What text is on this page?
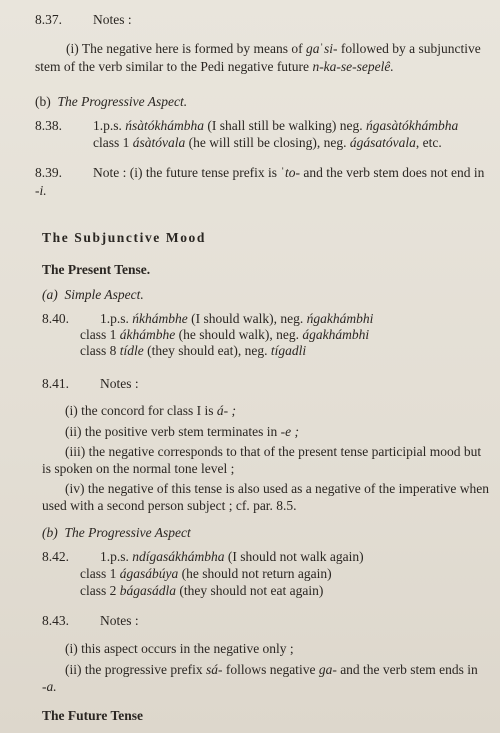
8.37. Notes :
(i) The negative here is formed by means of gaˈsi- followed by a subjunctive
stem of the verb similar to the Pedi negative future n-ka-se-sepelê.
(b) The Progressive Aspect.
8.38. 1.p.s. ńsàtókhámbha (I shall still be walking) neg. ńgasàtókhámbha
class 1 ásàtóvala (he will still be closing), neg. ágásatóvala, etc.
8.39. Note : (i) the future tense prefix is ˈto- and the verb stem does not end in
-i.
The Subjunctive Mood
The Present Tense.
(a) Simple Aspect.
8.40. 1.p.s. ńkhámbhe (I should walk), neg. ńgakhámbhi
class 1 ákhámbhe (he should walk), neg. ágakhámbhi
class 8 tídle (they should eat), neg. tígadli
8.41. Notes :
(i) the concord for class I is á- ;
(ii) the positive verb stem terminates in -e ;
(iii) the negative corresponds to that of the present tense participial mood but
is spoken on the normal tone level ;
(iv) the negative of this tense is also used as a negative of the imperative when
used with a second person subject ; cf. par. 8.5.
(b) The Progressive Aspect
8.42. 1.p.s. ndígasákhámbha (I should not walk again)
class 1 ágasábúya (he should not return again)
class 2 bágasádla (they should not eat again)
8.43. Notes :
(i) this aspect occurs in the negative only ;
(ii) the progressive prefix sá- follows negative ga- and the verb stem ends in
-a.
The Future Tense
